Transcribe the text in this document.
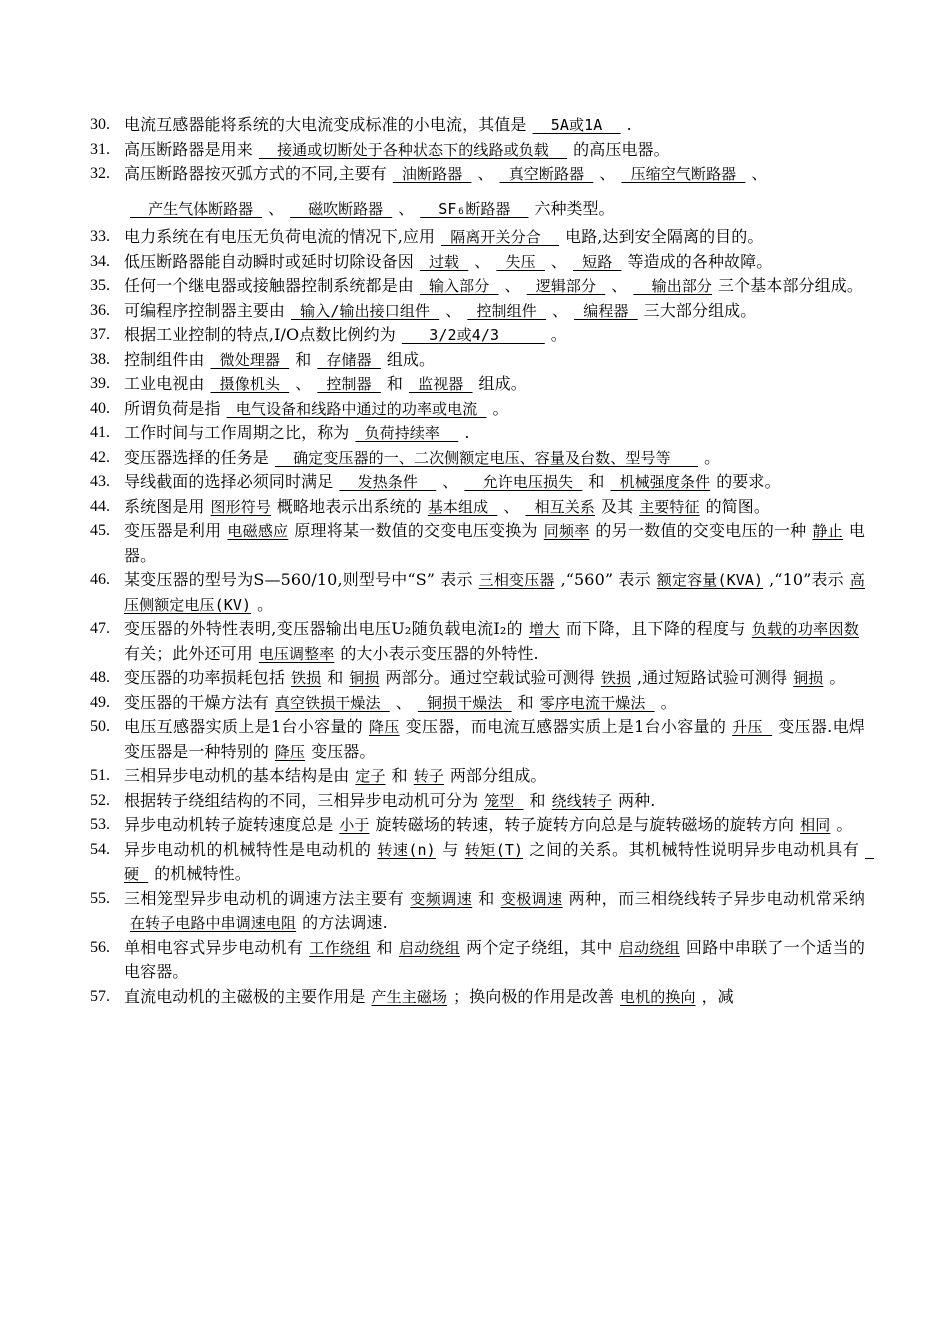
30. 电流互感器能将系统的大电流变成标准的小电流，其值是  5A或1A  .
31. 高压断路器是用来  接通或切断处于各种状态下的线路或负载  的高压电器。
32. 高压断路器按灭弧方式的不同,主要有 油断路器 、 真空断路器 、 压缩空气断路器 、
产生气体断路器 、  磁吹断路器 、  SF₆断路器  六种类型。
33. 电力系统在有电压无负荷电流的情况下,应用 隔离开关分合  电路,达到安全隔离的目的。
34. 低压断路器能自动瞬时或延时切除设备因 过载 、 失压 、 短路 等造成的各种故障。
35. 任何一个继电器或接触器控制系统都是由 输入部分 、 逻辑部分 、  输出部分 三个基本部分组成。
36. 可编程序控制器主要由 输入/输出接口组件 、 控制组件 、 编程器 三大部分组成。
37. 根据工业控制的特点,I/O点数比例约为   3/2或4/3     。
38. 控制组件由 微处理器 和 存储器 组成。
39. 工业电视由 摄像机头 、 控制器 和 监视器 组成。
40. 所谓负荷是指 电气设备和线路中通过的功率或电流 。
41. 工作时间与工作周期之比，称为 负荷持续率  .
42. 变压器选择的任务是  确定变压器的一、二次侧额定电压、容量及台数、型号等   。
43. 导线截面的选择必须同时满足  发热条件  、  允许电压损失 和 机械强度条件 的要求。
44. 系统图是用 图形符号 概略地表示出系统的 基本组成 、 相互关系 及其 主要特征 的简图。
45. 变压器是利用 电磁感应 原理将某一数值的交变电压变换为 同频率 的另一数值的交变电压的一种 静止 电器。
46. 某变压器的型号为S—560/10,则型号中“S” 表示 三相变压器 ,“560” 表示 额定容量(KVA) ,“10”表示 高压侧额定电压(KV) 。
47. 变压器的外特性表明,变压器输出电压U₂随负载电流I₂的 增大 而下降，且下降的程度与 负载的功率因数有关；此外还可用 电压调整率 的大小表示变压器的外特性.
48. 变压器的功率损耗包括 铁损 和 铜损 两部分。通过空载试验可测得 铁损 ,通过短路试验可测得 铜损 。
49. 变压器的干燥方法有 真空铁损干燥法 、 铜损干燥法 和 零序电流干燥法 。
50. 电压互感器实质上是1台小容量的 降压 变压器，而电流互感器实质上是1台小容量的 升压 变压器.电焊变压器是一种特别的 降压 变压器。
51. 三相异步电动机的基本结构是由 定子 和 转子 两部分组成。
52. 根据转子绕组结构的不同，三相异步电动机可分为 笼型 和 绕线转子 两种.
53. 异步电动机转子旋转速度总是 小于 旋转磁场的转速，转子旋转方向总是与旋转磁场的旋转方向 相同 。
54. 异步电动机的机械特性是电动机的 转速(n) 与 转矩(T) 之间的关系。其机械特性说明异步电动机具有 硬 的机械特性。
55. 三相笼型异步电动机的调速方法主要有 变频调速 和 变极调速 两种，而三相绕线转子异步电动机常采纳在转子电路中串调速电阻 的方法调速.
56. 单相电容式异步电动机有 工作绕组 和 启动绕组 两个定子绕组，其中 启动绕组 回路中串联了一个适当的电容器。
57. 直流电动机的主磁极的主要作用是 产生主磁场 ；换向极的作用是改善 电机的换向 ，减
